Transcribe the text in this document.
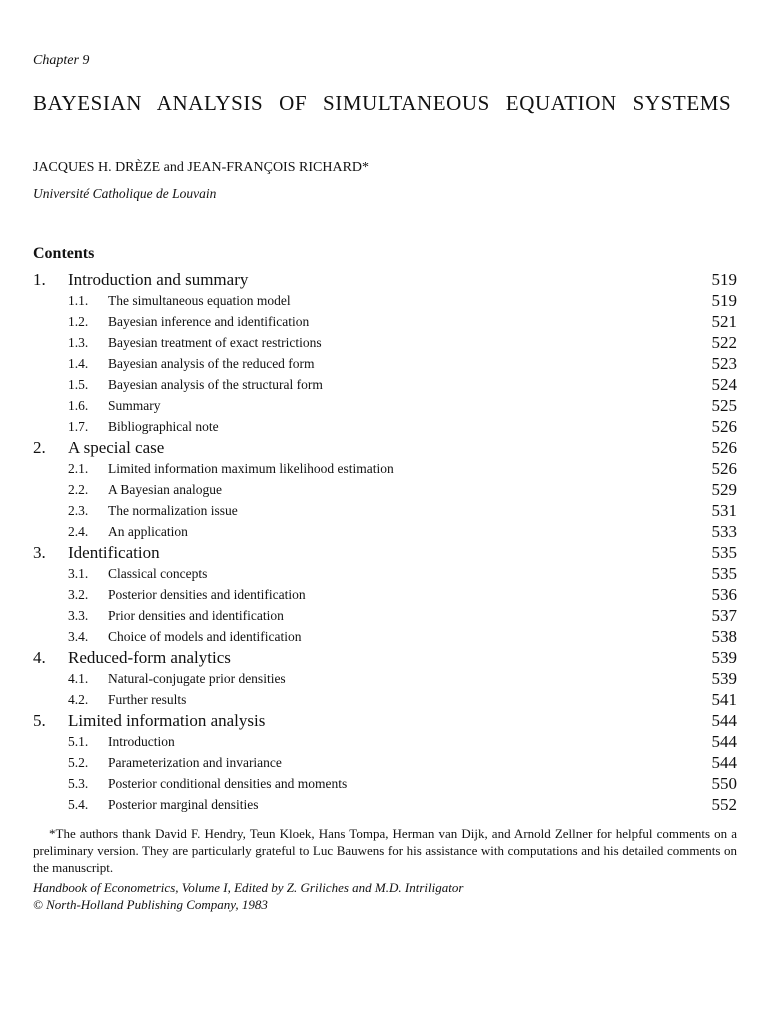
Chapter 9
BAYESIAN ANALYSIS OF SIMULTANEOUS EQUATION SYSTEMS
JACQUES H. DRÈZE and JEAN-FRANÇOIS RICHARD*
Université Catholique de Louvain
Contents
1. Introduction and summary	519
1.1. The simultaneous equation model	519
1.2. Bayesian inference and identification	521
1.3. Bayesian treatment of exact restrictions	522
1.4. Bayesian analysis of the reduced form	523
1.5. Bayesian analysis of the structural form	524
1.6. Summary	525
1.7. Bibliographical note	526
2. A special case	526
2.1. Limited information maximum likelihood estimation	526
2.2. A Bayesian analogue	529
2.3. The normalization issue	531
2.4. An application	533
3. Identification	535
3.1. Classical concepts	535
3.2. Posterior densities and identification	536
3.3. Prior densities and identification	537
3.4. Choice of models and identification	538
4. Reduced-form analytics	539
4.1. Natural-conjugate prior densities	539
4.2. Further results	541
5. Limited information analysis	544
5.1. Introduction	544
5.2. Parameterization and invariance	544
5.3. Posterior conditional densities and moments	550
5.4. Posterior marginal densities	552

*The authors thank David F. Hendry, Teun Kloek, Hans Tompa, Herman van Dijk, and Arnold Zellner for helpful comments on a preliminary version. They are particularly grateful to Luc Bauwens for his assistance with computations and his detailed comments on the manuscript.

Handbook of Econometrics, Volume I, Edited by Z. Griliches and M.D. Intriligator
© North-Holland Publishing Company, 1983
